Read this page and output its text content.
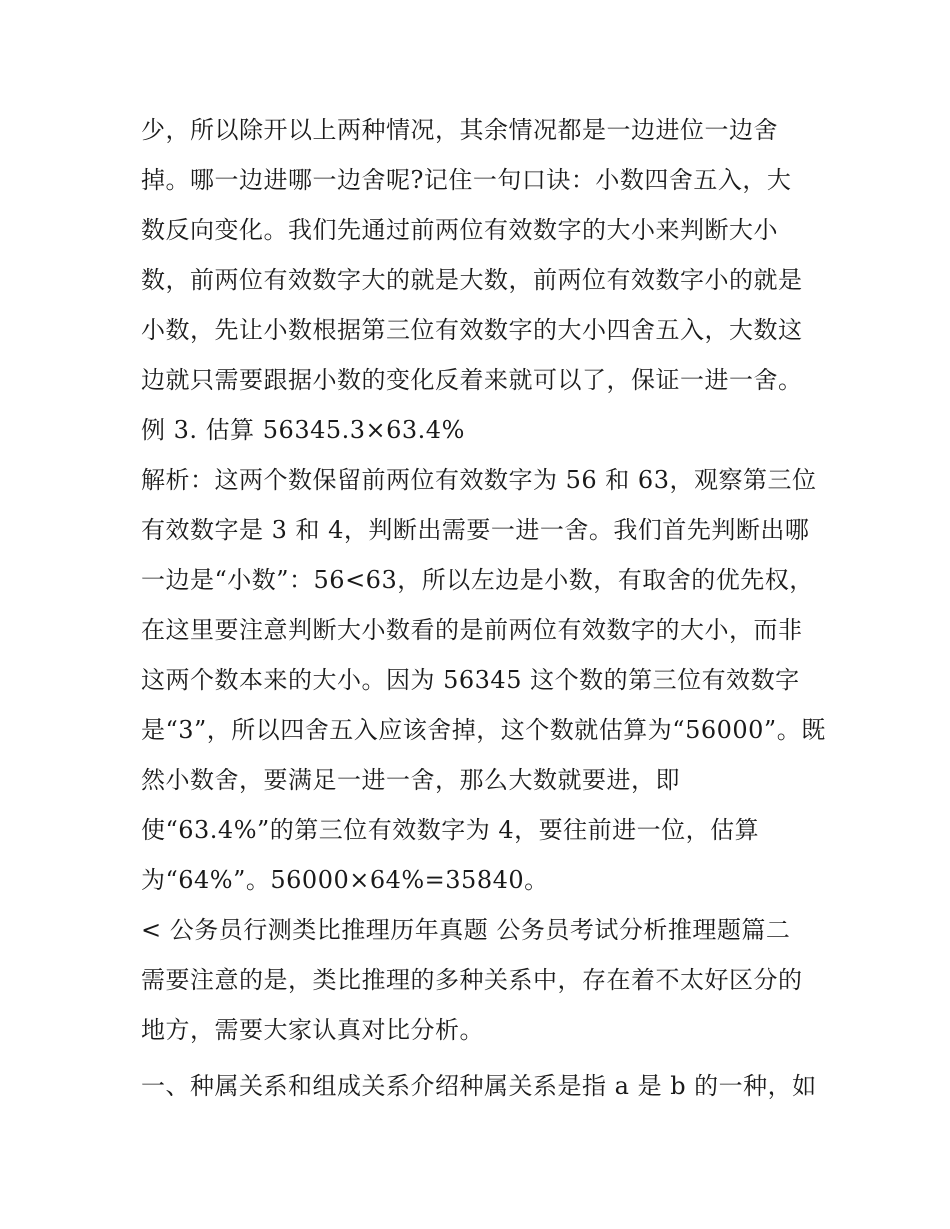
少，所以除开以上两种情况，其余情况都是一边进位一边舍
掉。哪一边进哪一边舍呢?记住一句口诀：小数四舍五入，大
数反向变化。我们先通过前两位有效数字的大小来判断大小
数，前两位有效数字大的就是大数，前两位有效数字小的就是
小数，先让小数根据第三位有效数字的大小四舍五入，大数这
边就只需要跟据小数的变化反着来就可以了，保证一进一舍。
例 3. 估算 56345.3×63.4%
解析：这两个数保留前两位有效数字为 56 和 63，观察第三位
有效数字是 3 和 4，判断出需要一进一舍。我们首先判断出哪
一边是“小数”：56<63，所以左边是小数，有取舍的优先权，
在这里要注意判断大小数看的是前两位有效数字的大小，而非
这两个数本来的大小。因为 56345 这个数的第三位有效数字
是“3”，所以四舍五入应该舍掉，这个数就估算为“56000”。既
然小数舍，要满足一进一舍，那么大数就要进，即
使“63.4%”的第三位有效数字为 4，要往前进一位，估算
为“64%”。56000×64%=35840。
< 公务员行测类比推理历年真题 公务员考试分析推理题篇二
需要注意的是，类比推理的多种关系中，存在着不太好区分的
地方，需要大家认真对比分析。
一、种属关系和组成关系介绍种属关系是指 a 是 b 的一种，如
